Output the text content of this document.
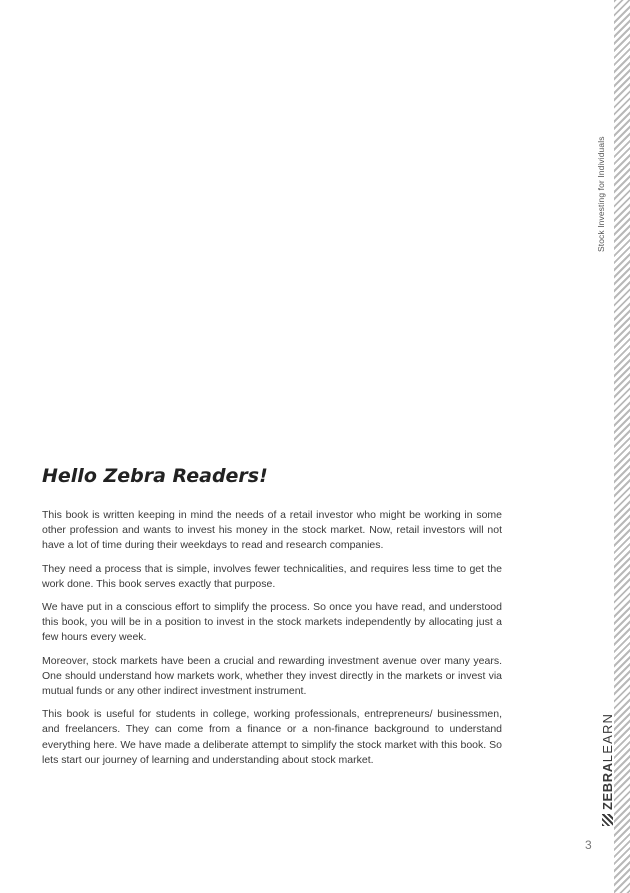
Stock Investing for Individuals
ZEBRA
LEARN
3
Hello Zebra Readers!

This book is written keeping in mind the needs of a retail investor who might be working in some other profession and wants to invest his money in the stock market. Now, retail investors will not have a lot of time during their weekdays to read and research companies.

They need a process that is simple, involves fewer technicalities, and requires less time to get the work done. This book serves exactly that purpose.

We have put in a conscious effort to simplify the process. So once you have read, and understood this book, you will be in a position to invest in the stock markets independently by allocating just a few hours every week.

Moreover, stock markets have been a crucial and rewarding investment avenue over many years. One should understand how markets work, whether they invest directly in the markets or invest via mutual funds or any other indirect investment instrument.

This book is useful for students in college, working professionals, entrepreneurs/ businessmen, and freelancers. They can come from a finance or a non-finance background to understand everything here. We have made a deliberate attempt to simplify the stock market with this book. So lets start our journey of learning and understanding about stock market.
